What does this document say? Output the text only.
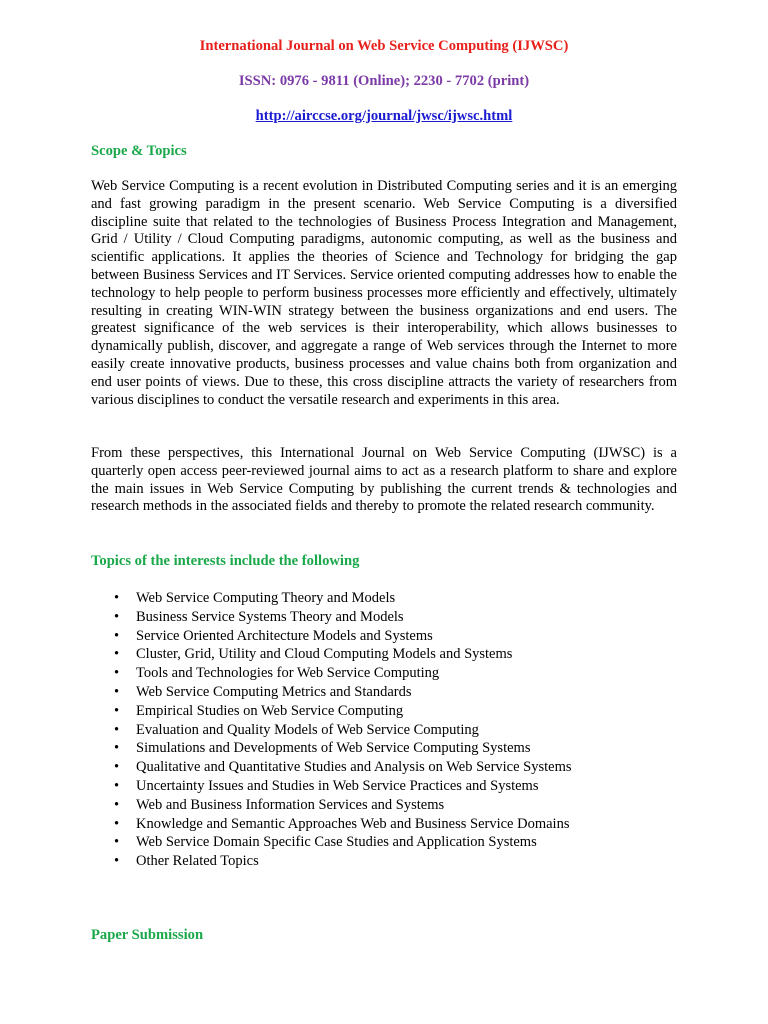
International Journal on Web Service Computing (IJWSC)
ISSN: 0976 - 9811 (Online); 2230 - 7702 (print)
http://airccse.org/journal/jwsc/ijwsc.html
Scope & Topics

Web Service Computing is a recent evolution in Distributed Computing series and it is an emerging and fast growing paradigm in the present scenario. Web Service Computing is a diversified discipline suite that related to the technologies of Business Process Integration and Management, Grid / Utility / Cloud Computing paradigms, autonomic computing, as well as the business and scientific applications. It applies the theories of Science and Technology for bridging the gap between Business Services and IT Services. Service oriented computing addresses how to enable the technology to help people to perform business processes more efficiently and effectively, ultimately resulting in creating WIN-WIN strategy between the business organizations and end users. The greatest significance of the web services is their interoperability, which allows businesses to dynamically publish, discover, and aggregate a range of Web services through the Internet to more easily create innovative products, business processes and value chains both from organization and end user points of views. Due to these, this cross discipline attracts the variety of researchers from various disciplines to conduct the versatile research and experiments in this area.

From these perspectives, this International Journal on Web Service Computing (IJWSC) is a quarterly open access peer-reviewed journal aims to act as a research platform to share and explore the main issues in Web Service Computing by publishing the current trends & technologies and research methods in the associated fields and thereby to promote the related research community.

Topics of the interests include the following
• Web Service Computing Theory and Models
• Business Service Systems Theory and Models
• Service Oriented Architecture Models and Systems
• Cluster, Grid, Utility and Cloud Computing Models and Systems
• Tools and Technologies for Web Service Computing
• Web Service Computing Metrics and Standards
• Empirical Studies on Web Service Computing
• Evaluation and Quality Models of Web Service Computing
• Simulations and Developments of Web Service Computing Systems
• Qualitative and Quantitative Studies and Analysis on Web Service Systems
• Uncertainty Issues and Studies in Web Service Practices and Systems
• Web and Business Information Services and Systems
• Knowledge and Semantic Approaches Web and Business Service Domains
• Web Service Domain Specific Case Studies and Application Systems
• Other Related Topics
Paper Submission
